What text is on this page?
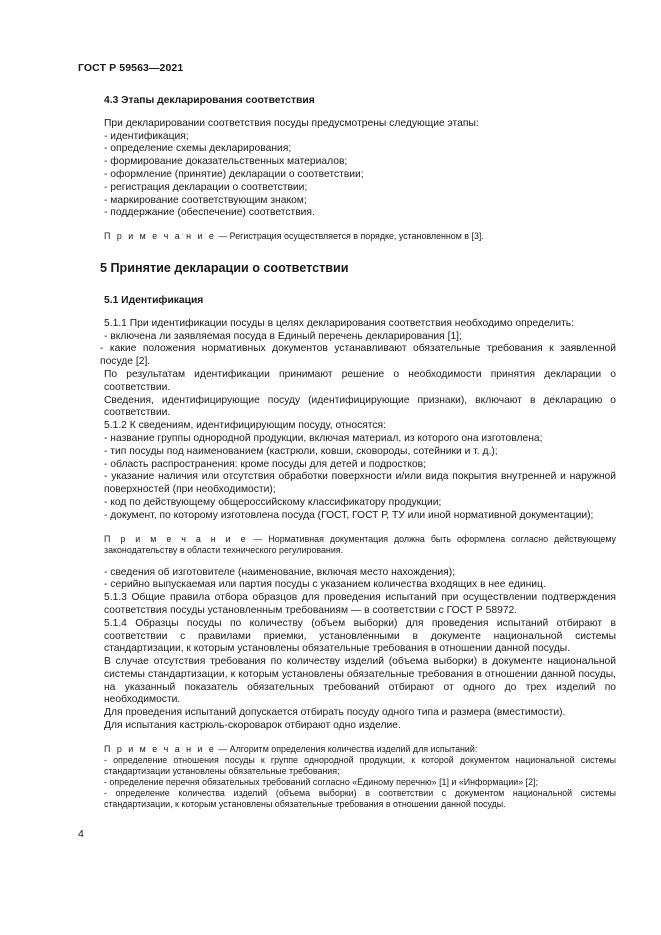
ГОСТ Р 59563—2021

4.3 Этапы декларирования соответствия

При декларировании соответствия посуды предусмотрены следующие этапы:

- идентификация;

- определение схемы декларирования;

- формирование доказательственных материалов;

- оформление (принятие) декларации о соответствии;

- регистрация декларации о соответствии;

- маркирование соответствующим знаком;

- поддержание (обеспечение) соответствия.

П р и м е ч а н и е — Регистрация осуществляется в порядке, установленном в [3].

5 Принятие декларации о соответствии

5.1 Идентификация

5.1.1 При идентификации посуды в целях декларирования соответствия необходимо определить:

- включена ли заявляемая посуда в Единый перечень декларирования [1];

- какие положения нормативных документов устанавливают обязательные требования к заявленной посуде [2].

По результатам идентификации принимают решение о необходимости принятия декларации о соответствии.

Сведения, идентифицирующие посуду (идентифицирующие признаки), включают в декларацию о соответствии.

5.1.2 К сведениям, идентифицирующим посуду, относятся:

- название группы однородной продукции, включая материал, из которого она изготовлена;

- тип посуды под наименованием (кастрюли, ковши, сковороды, сотейники и т. д.);

- область распространения: кроме посуды для детей и подростков;

- указание наличия или отсутствия обработки поверхности и/или вида покрытия внутренней и наружной поверхностей (при необходимости);

- код по действующему общероссийскому классификатору продукции;

- документ, по которому изготовлена посуда (ГОСТ, ГОСТ Р, ТУ или иной нормативной документации);

П р и м е ч а н и е — Нормативная документация должна быть оформлена согласно действующему законодательству в области технического регулирования.

- сведения об изготовителе (наименование, включая место нахождения);

- серийно выпускаемая или партия посуды с указанием количества входящих в нее единиц.

5.1.3 Общие правила отбора образцов для проведения испытаний при осуществлении подтверждения соответствия посуды установленным требованиям — в соответствии с ГОСТ Р 58972.

5.1.4 Образцы посуды по количеству (объем выборки) для проведения испытаний отбирают в соответствии с правилами приемки, установленными в документе национальной системы стандартизации, к которым установлены обязательные требования в отношении данной посуды.

В случае отсутствия требования по количеству изделий (объема выборки) в документе национальной системы стандартизации, к которым установлены обязательные требования в отношении данной посуды, на указанный показатель обязательных требований отбирают от одного до трех изделий по необходимости.

Для проведения испытаний допускается отбирать посуду одного типа и размера (вместимости).

Для испытания кастрюль-скороварок отбирают одно изделие.

П р и м е ч а н и е — Алгоритм определения количества изделий для испытаний:

- определение отношения посуды к группе однородной продукции, к которой документом национальной системы стандартизации установлены обязательные требования;

- определение перечня обязательных требований согласно «Единому перечню» [1] и «Информации» [2];

- определение количества изделий (объема выборки) в соответствии с документом национальной системы стандартизации, к которым установлены обязательные требования в отношении данной посуды.

4
